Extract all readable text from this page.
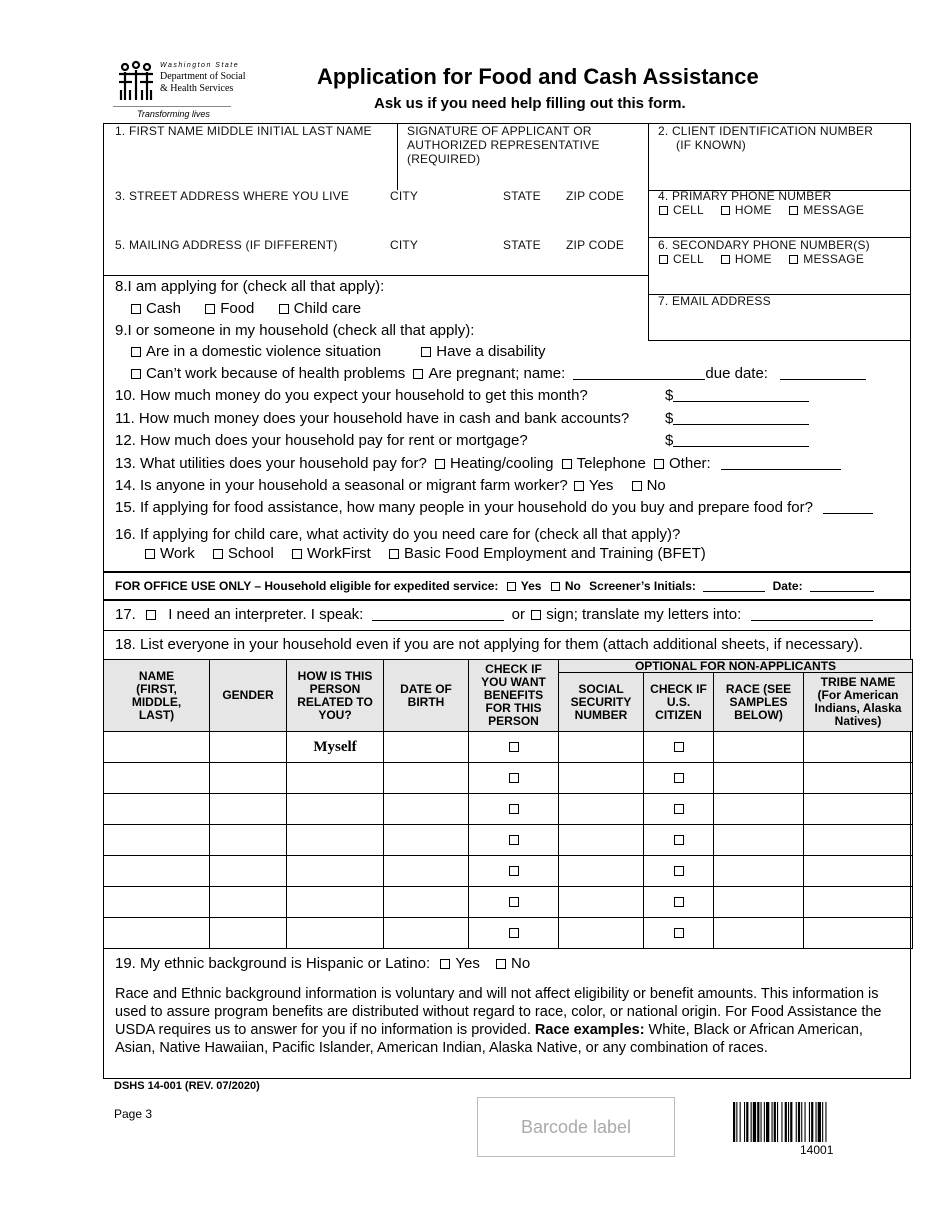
Washington State
Department of Social
& Health Services
Transforming lives
Application for Food and Cash Assistance
Ask us if you need help filling out this form.
1. FIRST NAME MIDDLE INITIAL LAST NAME	SIGNATURE OF APPLICANT OR
AUTHORIZED REPRESENTATIVE
(REQUIRED)
2. CLIENT IDENTIFICATION NUMBER
(IF KNOWN)
3. STREET ADDRESS WHERE YOU LIVE	CITY	STATE ZIP CODE	4. PRIMARY PHONE NUMBER
CELL	HOME	MESSAGE
5. MAILING ADDRESS (IF DIFFERENT)	CITY	STATE ZIP CODE	6. SECONDARY PHONE NUMBER(S)
CELL	HOME	MESSAGE
7. EMAIL ADDRESS
8.I am applying for (check all that apply):
Cash	Food	Child care
9.I or someone in my household (check all that apply):
Are in a domestic violence situation	Have a disability
Can’t work because of health problems Are pregnant; name:	due date:
10. How much money do you expect your household to get this month?	$
11. How much money does your household have in cash and bank accounts? $
12. How much does your household pay for rent or mortgage?	$
13. What utilities does your household pay for? Heating/cooling Telephone Other:
14. Is anyone in your household a seasonal or migrant farm worker? Yes No
15. If applying for food assistance, how many people in your household do you buy and prepare food for?
16. If applying for child care, what activity do you need care for (check all that apply)?
Work School WorkFirst Basic Food Employment and Training (BFET)
FOR OFFICE USE ONLY – Household eligible for expedited service: Yes No Screener’s Initials:	Date:
17. I need an interpreter. I speak:	or sign; translate my letters into:
18. List everyone in your household even if you are not applying for them (attach additional sheets, if necessary).
NAME (FIRST, MIDDLE, LAST)	GENDER	HOW IS THIS PERSON RELATED TO YOU?	DATE OF BIRTH	CHECK IF YOU WANT BENEFITS FOR THIS PERSON	OPTIONAL FOR NON-APPLICANTS			
					SOCIAL SECURITY NUMBER	CHECK IF U.S. CITIZEN	RACE (SEE SAMPLES BELOW)	TRIBE NAME (For American Indians, Alaska Natives)
		Myself						

19. My ethnic background is Hispanic or Latino: Yes No
Race and Ethnic background information is voluntary and will not affect eligibility or benefit amounts. This information is used to assure program benefits are distributed without regard to race, color, or national origin. For Food Assistance the USDA requires us to answer for you if no information is provided. Race examples: White, Black or African American, Asian, Native Hawaiian, Pacific Islander, American Indian, Alaska Native, or any combination of races.
DSHS 14-001 (REV. 07/2020)
Page 3
Barcode label
14001
